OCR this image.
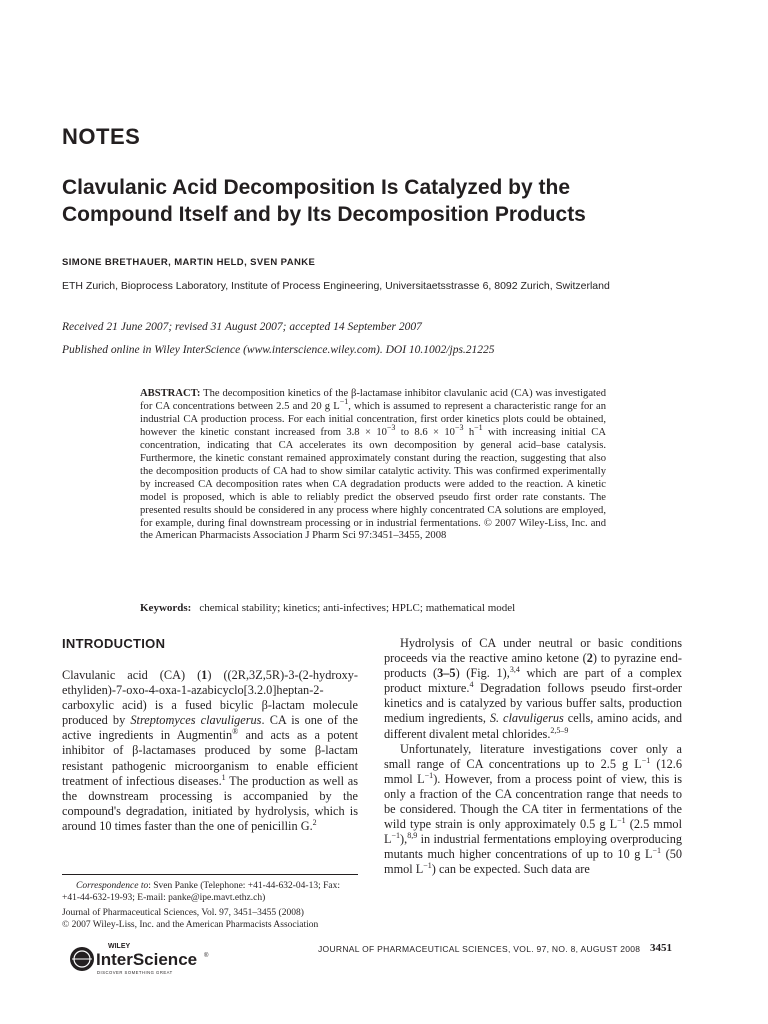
NOTES
Clavulanic Acid Decomposition Is Catalyzed by the
Compound Itself and by Its Decomposition Products
SIMONE BRETHAUER, MARTIN HELD, SVEN PANKE
ETH Zurich, Bioprocess Laboratory, Institute of Process Engineering, Universitaetsstrasse 6, 8092 Zurich, Switzerland
Received 21 June 2007; revised 31 August 2007; accepted 14 September 2007
Published online in Wiley InterScience (www.interscience.wiley.com). DOI 10.1002/jps.21225

ABSTRACT: The decomposition kinetics of the β-lactamase inhibitor clavulanic acid (CA) was investigated for CA concentrations between 2.5 and 20 g $L^{-1}$, which is assumed to represent a characteristic range for an industrial CA production process. For each initial concentration, first order kinetics plots could be obtained, however the kinetic constant increased from $3.8 \times 10^{-3}$ to $8.6 \times 10^{-3}$ $h^{-1}$ with increasing initial CA concentration, indicating that CA accelerates its own decomposition by general acid–base catalysis. Furthermore, the kinetic constant remained approximately constant during the reaction, suggesting that also the decomposition products of CA had to show similar catalytic activity. This was confirmed experimentally by increased CA decomposition rates when CA degradation products were added to the reaction. A kinetic model is proposed, which is able to reliably predict the observed pseudo first order rate constants. The presented results should be considered in any process where highly concentrated CA solutions are employed, for example, during final downstream processing or in industrial fermentations. © 2007 Wiley-Liss, Inc. and the American Pharmacists Association J Pharm Sci 97:3451–3455, 2008

Keywords: chemical stability; kinetics; anti-infectives; HPLC; mathematical model
INTRODUCTION

Clavulanic acid (CA) (1) ((2R,3Z,5R)-3-(2-hydroxy-ethyliden)-7-oxo-4-oxa-1-azabicyclo[3.2.0]heptan-2-carboxylic acid) is a fused bicylic β-lactam molecule produced by Streptomyces clavuligerus. CA is one of the active ingredients in Augmentin® and acts as a potent inhibitor of β-lactamases produced by some β-lactam resistant pathogenic microorganism to enable efficient treatment of infectious diseases.$^1$ The production as well as the downstream processing is accompanied by the compound's degradation, initiated by hydrolysis, which is around 10 times faster than the one of penicillin G.$^2$

Correspondence to: Sven Panke (Telephone: +41-44-632-04-13; Fax: +41-44-632-19-93; E-mail: panke@ipe.mavt.ethz.ch)
Journal of Pharmaceutical Sciences, Vol. 97, 3451–3455 (2008)
© 2007 Wiley-Liss, Inc. and the American Pharmacists Association

Hydrolysis of CA under neutral or basic conditions proceeds via the reactive amino ketone (2) to pyrazine end-products (3–5) (Fig. 1),$^{3,4}$ which are part of a complex product mixture.$^4$ Degradation follows pseudo first-order kinetics and is catalyzed by various buffer salts, production medium ingredients, S. clavuligerus cells, amino acids, and different divalent metal chlorides.$^{2,5-9}$

Unfortunately, literature investigations cover only a small range of CA concentrations up to 2.5 g $L^{-1}$ (12.6 mmol $L^{-1}$). However, from a process point of view, this is only a fraction of the CA concentration range that needs to be considered. Though the CA titer in fermentations of the wild type strain is only approximately 0.5 g $L^{-1}$ (2.5 mmol $L^{-1}),^{8,9}$ in industrial fermentations employing overproducing mutants much higher concentrations of up to 10 g $L^{-1}$ (50 mmol $L^{-1}$) can be expected. Such data are

WILEY
InterScience ®
DISCOVER SOMETHING GREAT
JOURNAL OF PHARMACEUTICAL SCIENCES, VOL. 97, NO. 8, AUGUST 2008 3451
